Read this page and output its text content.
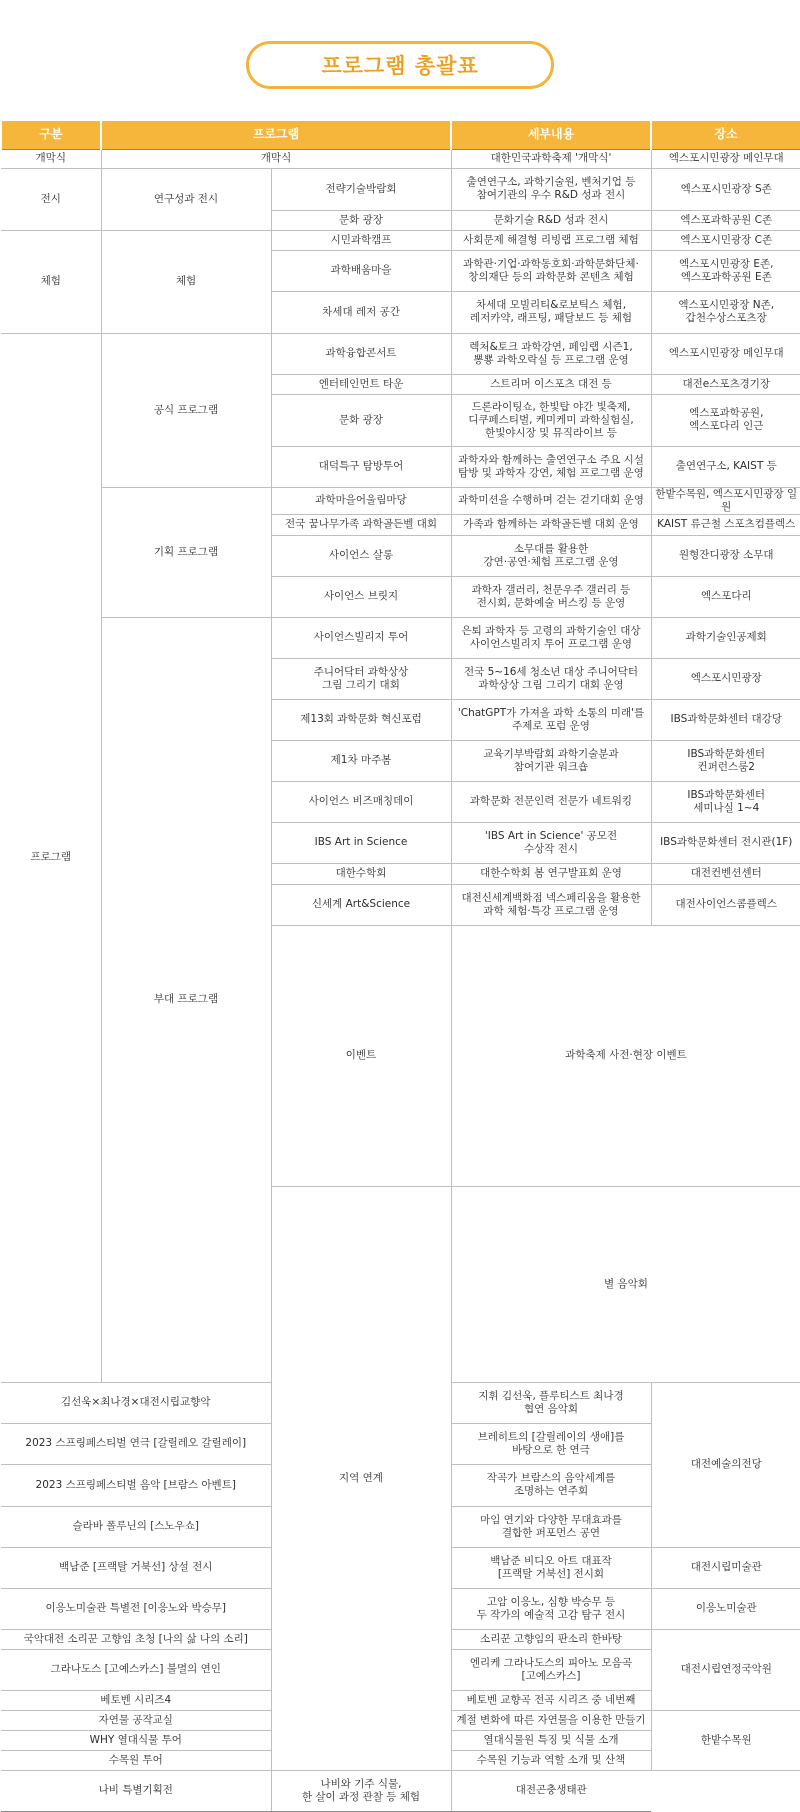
프로그램 총괄표
구분	프로그램		세부내용	장소	
개막식	개막식		대한민국과학축제 '개막식'	엑스포시민광장 메인무대	
전시	연구성과 전시	전략기술박람회	출연연구소, 과학기술원, 벤처기업 등
참여기관의 우수 R&D 성과 전시	엑스포시민광장 S존	
		문화 광장	문화기술 R&D 성과 전시	엑스포과학공원 C존	
체험	체험	시민과학캠프	사회문제 해결형 리빙랩 프로그램 체험	엑스포시민광장 C존	
		과학배움마을	과학관·기업·과학동호회·과학문화단체·
창의재단 등의 과학문화 콘텐츠 체험	엑스포시민광장 E존,
엑스포과학공원 E존	
		차세대 레저 공간	차세대 모빌리티&로보틱스 체험,
레저카약, 래프팅, 패달보드 등 체험	엑스포시민광장 N존,
갑천수상스포츠장	
프로그램	공식 프로그램	과학융합콘서트	렉처&토크 과학강연, 페임랩 시즌1,
뽕뿅 과학오락실 등 프로그램 운영	엑스포시민광장 메인무대	
		엔터테인먼트 타운	스트리머 이스포츠 대전 등	대전e스포츠경기장	
		문화 광장	드론라이팅쇼, 한빛탑 야간 빛축제,
디쿠페스티벌, 케미케미 과학실험실,
한빛야시장 및 뮤직라이브 등	엑스포과학공원,
엑스포다리 인근	
		대덕특구 탐방투어	과학자와 함께하는 출연연구소 주요 시설
탐방 및 과학자 강연, 체험 프로그램 운영	출연연구소, KAIST 등	
	기획 프로그램	과학마을어울림마당	과학미션을 수행하며 걷는 걷기대회 운영	한밭수목원, 엑스포시민광장 일원	
		전국 꿈나무가족 과학골든벨 대회	가족과 함께하는 과학골든벨 대회 운영	KAIST 류근철 스포츠컴플렉스	
		사이언스 살롱	소무대를 활용한
강연·공연·체험 프로그램 운영	원형잔디광장 소무대	
		사이언스 브릿지	과학자 갤러리, 천문우주 갤러리 등
전시회, 문화예술 버스킹 등 운영	엑스포다리	
	부대 프로그램	사이언스빌리지 투어	은퇴 과학자 등 고령의 과학기술인 대상
사이언스빌리지 투어 프로그램 운영	과학기술인공제회	
		주니어닥터 과학상상
그림 그리기 대회	전국 5~16세 청소년 대상 주니어닥터
과학상상 그림 그리기 대회 운영	엑스포시민광장	
		제13회 과학문화 혁신포럼	'ChatGPT가 가져올 과학 소통의 미래'를
주제로 포럼 운영	IBS과학문화센터 대강당	
		제1차 마주봄	교육기부박람회 과학기술분과
참여기관 워크숍	IBS과학문화센터
컨퍼런스룸2	
		사이언스 비즈매칭데이	과학문화 전문인력 전문가 네트워킹	IBS과학문화센터
세미나실 1~4	
		IBS Art in Science	'IBS Art in Science' 공모전
수상작 전시	IBS과학문화센터 전시관(1F)	
		대한수학회	대한수학회 봄 연구발표회 운영	대전컨벤션센터	
		신세계 Art&Science	대전신세계백화점 넥스페리움을 활용한
과학 체험·특강 프로그램 운영	대전사이언스콤플렉스	
		이벤트	과학축제 사전·현장 이벤트	

		지역 연계	별 음악회		
김선욱×최나경×대전시립교향악			지휘 김선욱, 플루티스트 최나경
협연 음악회	대전예술의전당	
2023 스프링페스티벌 연극 [갈릴레오 갈릴레이]			브레히트의 [갈릴레이의 생애]를
바탕으로 한 연극		
2023 스프링페스티벌 음악 [브람스 아벤트]			작곡가 브람스의 음악세계를
조명하는 연주회		
슬라바 폴루닌의 [스노우쇼]			마임 연기와 다양한 무대효과를
결합한 퍼포먼스 공연		
백남준 [프랙탈 거북선] 상설 전시			백남준 비디오 아트 대표작
[프랙탈 거북선] 전시회	대전시립미술관	
이응노미술관 특별전 [이응노와 박승무]			고암 이응노, 심향 박승무 등
두 작가의 예술적 고감 탐구 전시	이응노미술관	
국악대전 소리꾼 고향임 초청 [나의 삶 나의 소리]			소리꾼 고향임의 판소리 한바탕	대전시립연정국악원	
그라나도스 [고예스카스] 불멸의 연인			엔리케 그라나도스의 피아노 모음곡
[고예스카스]		
베토벤 시리즈4			베토벤 교향곡 전곡 시리즈 중 네번째		
자연물 공작교실			계절 변화에 따른 자연물을 이용한 만들기	한밭수목원	
WHY 열대식물 투어			열대식물원 특징 및 식물 소개		
수목원 투어			수목원 기능과 역할 소개 및 산책		
나비 특별기획전		나비와 기주 식물,
한 살이 과정 관찰 등 체험	대전곤충생태관		
